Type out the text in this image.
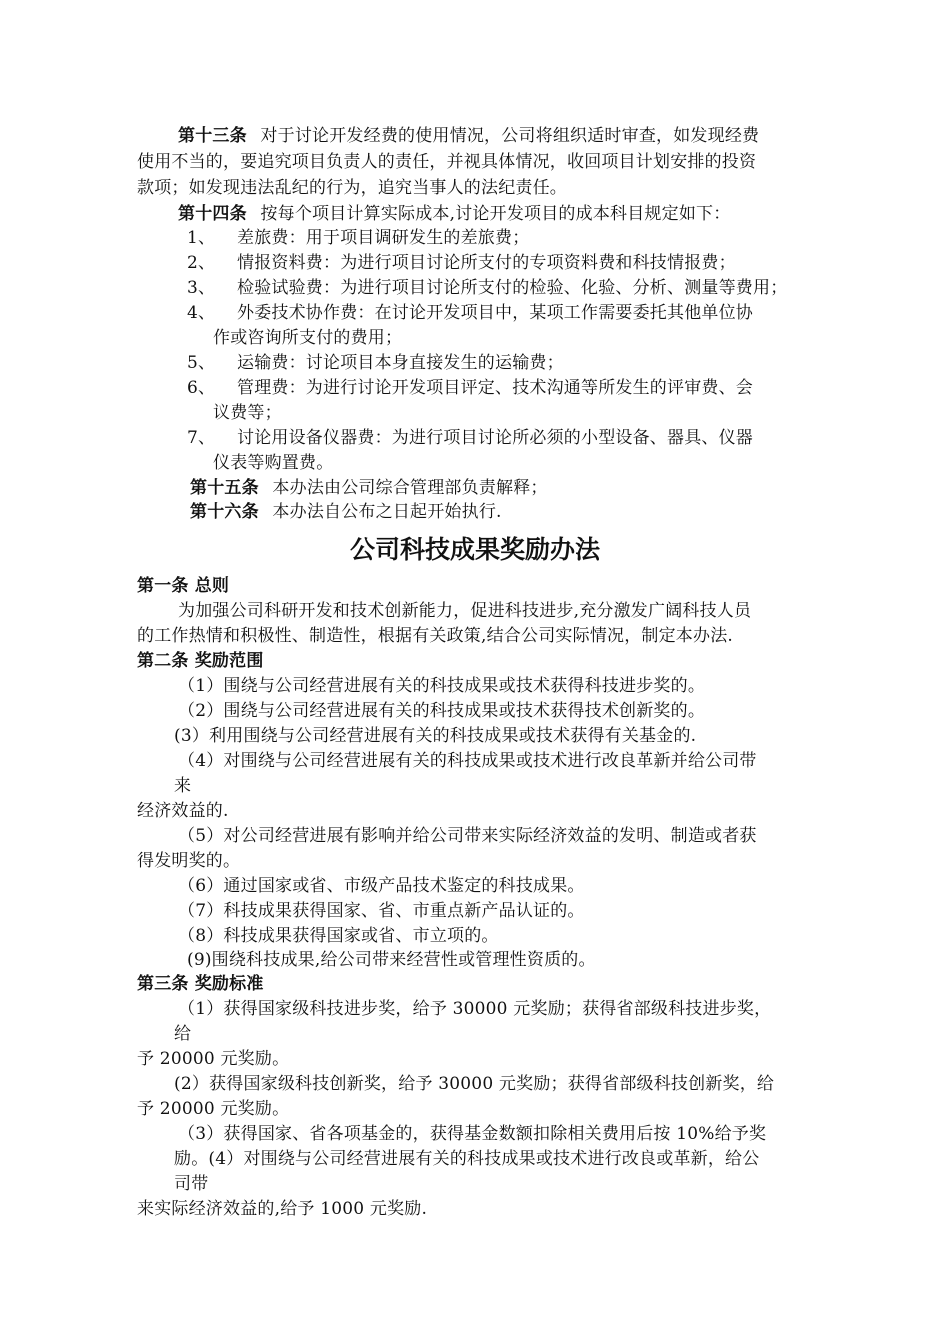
第十三条 对于讨论开发经费的使用情况，公司将组织适时审查，如发现经费
使用不当的，要追究项目负责人的责任，并视具体情况，收回项目计划安排的投资
款项；如发现违法乱纪的行为，追究当事人的法纪责任。
第十四条 按每个项目计算实际成本,讨论开发项目的成本科目规定如下：
1、 差旅费：用于项目调研发生的差旅费；
2、 情报资料费：为进行项目讨论所支付的专项资料费和科技情报费；
3、 检验试验费：为进行项目讨论所支付的检验、化验、分析、测量等费用；
4、 外委技术协作费：在讨论开发项目中，某项工作需要委托其他单位协
作或咨询所支付的费用；
5、 运输费：讨论项目本身直接发生的运输费；
6、 管理费：为进行讨论开发项目评定、技术沟通等所发生的评审费、会
议费等；
7、 讨论用设备仪器费：为进行项目讨论所必须的小型设备、器具、仪器
仪表等购置费。
第十五条 本办法由公司综合管理部负责解释；
第十六条 本办法自公布之日起开始执行.
公司科技成果奖励办法
第一条 总则
为加强公司科研开发和技术创新能力，促进科技进步,充分激发广阔科技人员
的工作热情和积极性、制造性，根据有关政策,结合公司实际情况，制定本办法.
第二条 奖励范围
（1）围绕与公司经营进展有关的科技成果或技术获得科技进步奖的。
（2）围绕与公司经营进展有关的科技成果或技术获得技术创新奖的。
(3）利用围绕与公司经营进展有关的科技成果或技术获得有关基金的.
（4）对围绕与公司经营进展有关的科技成果或技术进行改良革新并给公司带
来
经济效益的.
（5）对公司经营进展有影响并给公司带来实际经济效益的发明、制造或者获
得发明奖的。
（6）通过国家或省、市级产品技术鉴定的科技成果。
（7）科技成果获得国家、省、市重点新产品认证的。
（8）科技成果获得国家或省、市立项的。
(9)围绕科技成果,给公司带来经营性或管理性资质的。
第三条 奖励标准
（1）获得国家级科技进步奖，给予 30000 元奖励；获得省部级科技进步奖，
给
予 20000 元奖励。
(2）获得国家级科技创新奖，给予 30000 元奖励；获得省部级科技创新奖，给
予 20000 元奖励。
（3）获得国家、省各项基金的，获得基金数额扣除相关费用后按 10%给予奖
励。(4）对围绕与公司经营进展有关的科技成果或技术进行改良或革新，给公
司带
来实际经济效益的,给予 1000 元奖励.
